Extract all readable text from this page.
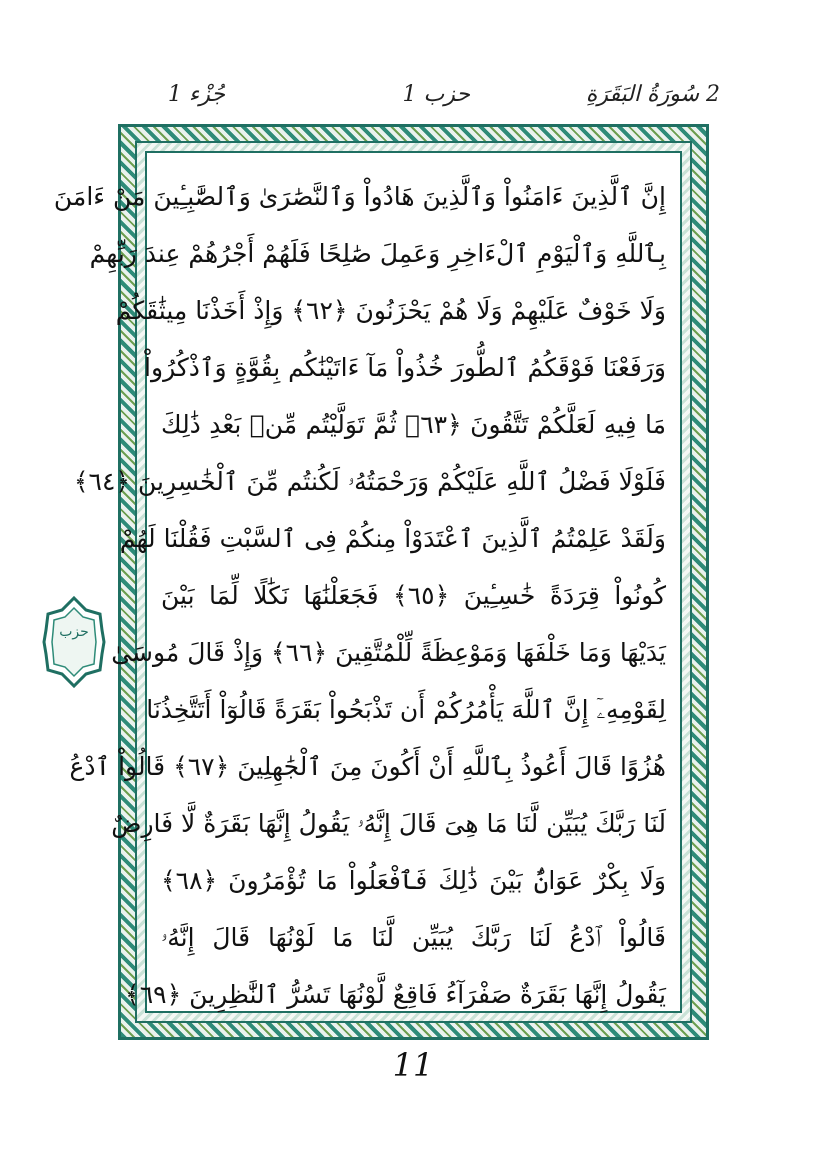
2 سُورَةُ البَقَرَةِ
حزب 1
جُزْء 1
حزب
إِنَّ ٱلَّذِينَ ءَامَنُواْ وَٱلَّذِينَ هَادُواْ وَٱلنَّصَٰرَىٰ وَٱلصَّٰبِـِٔينَ مَنْ ءَامَنَ
بِٱللَّهِ وَٱلْيَوْمِ ٱلْءَاخِرِ وَعَمِلَ صَٰلِحًا فَلَهُمْ أَجْرُهُمْ عِندَ رَبِّهِمْ
وَلَا خَوْفٌ عَلَيْهِمْ وَلَا هُمْ يَحْزَنُونَ ﴿٦٢﴾ وَإِذْ أَخَذْنَا مِيثَٰقَكُمْ
وَرَفَعْنَا فَوْقَكُمُ ٱلطُّورَ خُذُواْ مَآ ءَاتَيْنَٰكُم بِقُوَّةٍ وَٱذْكُرُواْ
مَا فِيهِ لَعَلَّكُمْ تَتَّقُونَ ﴿٦٣﴾ ثُمَّ تَوَلَّيْتُم مِّنۢ بَعْدِ ذَٰلِكَ
فَلَوْلَا فَضْلُ ٱللَّهِ عَلَيْكُمْ وَرَحْمَتُهُۥ لَكُنتُم مِّنَ ٱلْخَٰسِرِينَ ﴿٦٤﴾
وَلَقَدْ عَلِمْتُمُ ٱلَّذِينَ ٱعْتَدَوْاْ مِنكُمْ فِى ٱلسَّبْتِ فَقُلْنَا لَهُمْ
كُونُواْ قِرَدَةً خَٰسِـِٔينَ ﴿٦٥﴾ فَجَعَلْنَٰهَا نَكَٰلًا لِّمَا بَيْنَ
يَدَيْهَا وَمَا خَلْفَهَا وَمَوْعِظَةً لِّلْمُتَّقِينَ ﴿٦٦﴾ وَإِذْ قَالَ مُوسَىٰ
لِقَوْمِهِۦٓ إِنَّ ٱللَّهَ يَأْمُرُكُمْ أَن تَذْبَحُواْ بَقَرَةً قَالُوٓاْ أَتَتَّخِذُنَا
هُزُوًا قَالَ أَعُوذُ بِٱللَّهِ أَنْ أَكُونَ مِنَ ٱلْجَٰهِلِينَ ﴿٦٧﴾ قَالُواْ ٱدْعُ
لَنَا رَبَّكَ يُبَيِّن لَّنَا مَا هِىَ قَالَ إِنَّهُۥ يَقُولُ إِنَّهَا بَقَرَةٌ لَّا فَارِضٌ
وَلَا بِكْرٌ عَوَانٌۢ بَيْنَ ذَٰلِكَ فَٱفْعَلُواْ مَا تُؤْمَرُونَ ﴿٦٨﴾
قَالُواْ ٱدْعُ لَنَا رَبَّكَ يُبَيِّن لَّنَا مَا لَوْنُهَا قَالَ إِنَّهُۥ
يَقُولُ إِنَّهَا بَقَرَةٌ صَفْرَآءُ فَاقِعٌ لَّوْنُهَا تَسُرُّ ٱلنَّٰظِرِينَ ﴿٦٩﴾
11
